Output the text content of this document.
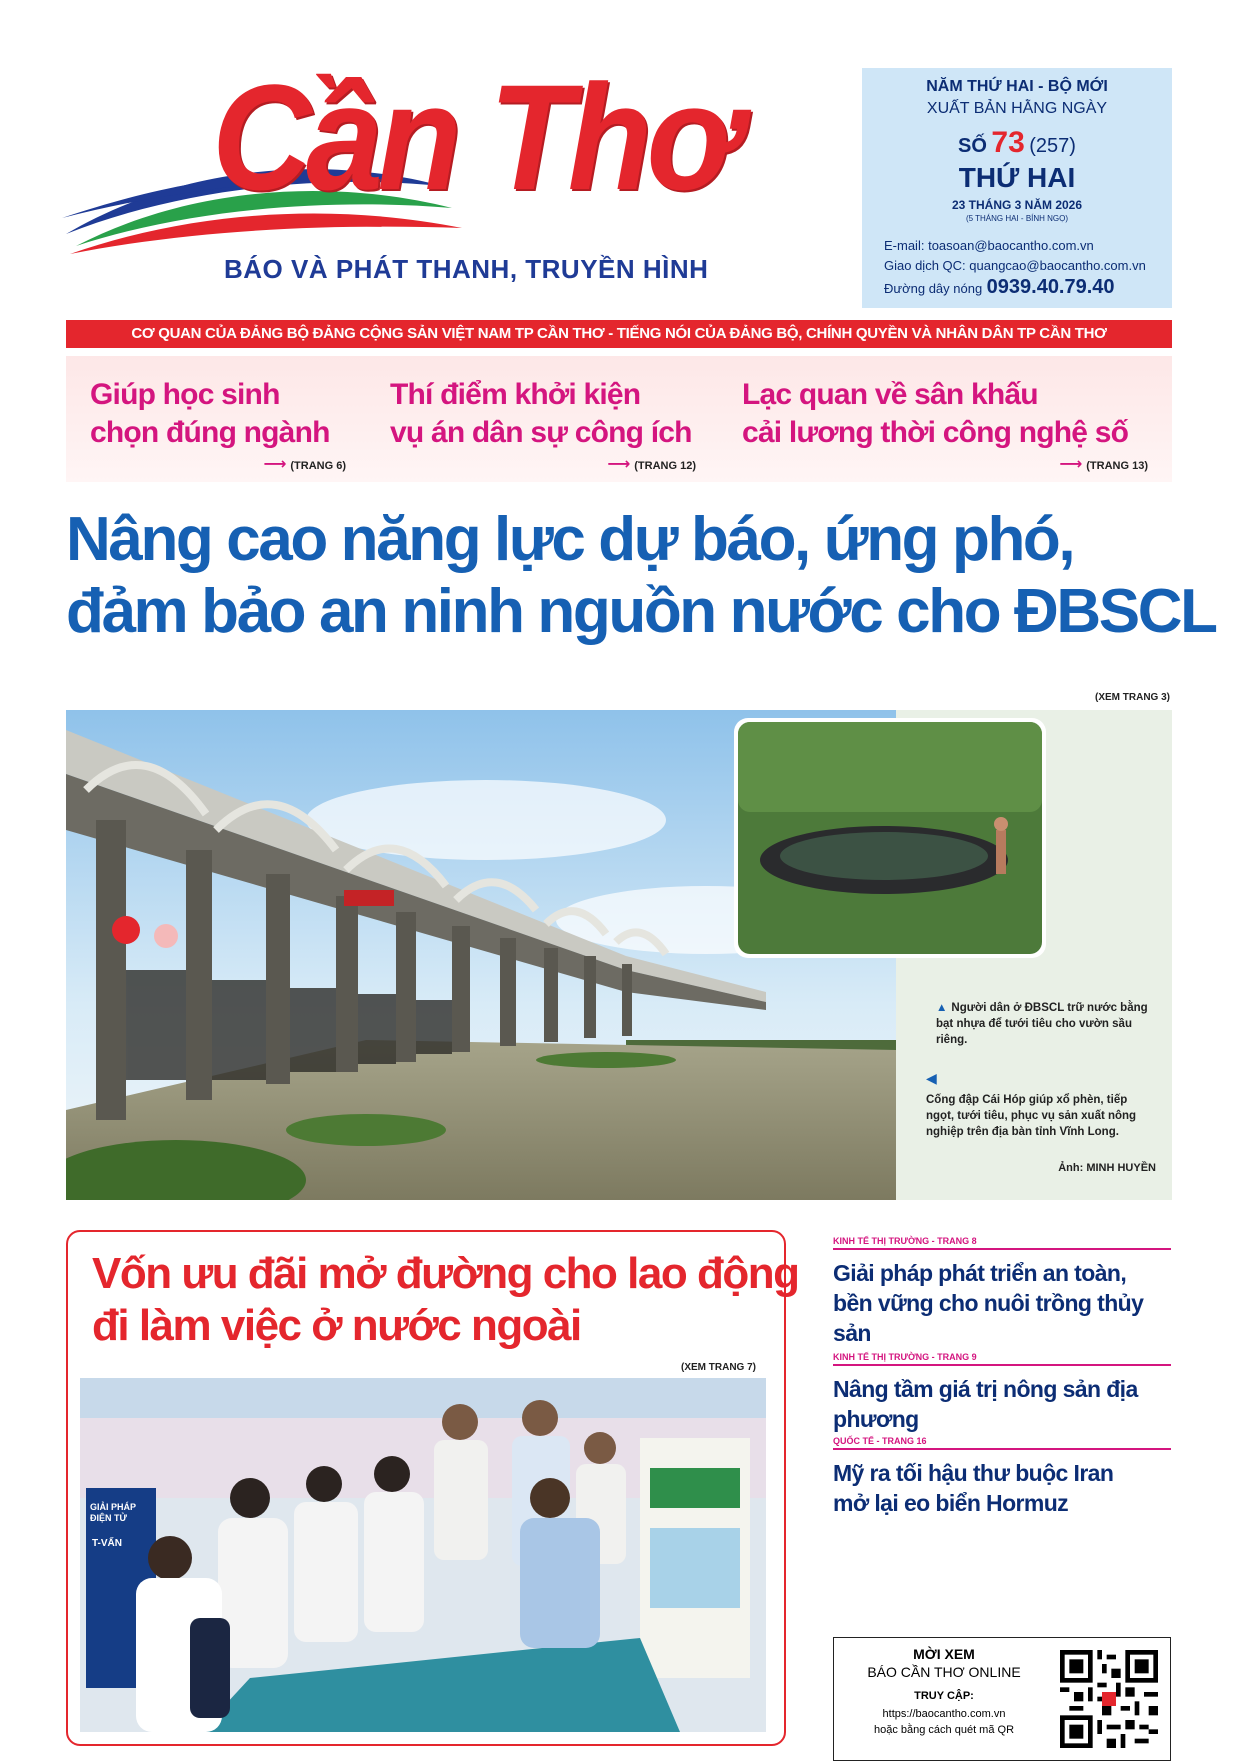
Cần Thơ
BÁO VÀ PHÁT THANH, TRUYỀN HÌNH
NĂM THỨ HAI - BỘ MỚI
XUẤT BẢN HẰNG NGÀY
SỐ 73 (257)
THỨ HAI
23 THÁNG 3 NĂM 2026
(5 THÁNG HAI - BÍNH NGỌ)
E-mail: toasoan@baocantho.com.vn
Giao dịch QC: quangcao@baocantho.com.vn
Đường dây nóng 0939.40.79.40
CƠ QUAN CỦA ĐẢNG BỘ ĐẢNG CỘNG SẢN VIỆT NAM TP CẦN THƠ - TIẾNG NÓI CỦA ĐẢNG BỘ, CHÍNH QUYỀN VÀ NHÂN DÂN TP CẦN THƠ
Giúp học sinh
chọn đúng ngành
⟶ (TRANG 6)
Thí điểm khởi kiện
vụ án dân sự công ích
⟶ (TRANG 12)
Lạc quan về sân khấu
cải lương thời công nghệ số
⟶ (TRANG 13)
Nâng cao năng lực dự báo, ứng phó,
đảm bảo an ninh nguồn nước cho ĐBSCL
(XEM TRANG 3)
▲ Người dân ở ĐBSCL trữ nước bằng bạt nhựa để tưới tiêu cho vườn sầu riêng.
◀
Cống đập Cái Hóp giúp xổ phèn, tiếp ngọt, tưới tiêu, phục vụ sản xuất nông nghiệp trên địa bàn tỉnh Vĩnh Long.
Ảnh: MINH HUYỀN
Vốn ưu đãi mở đường cho lao động
đi làm việc ở nước ngoài
(XEM TRANG 7)
GIẢI PHÁP ĐIỆN TỬ
T-VẤN
KINH TẾ THỊ TRƯỜNG - TRANG 8
Giải pháp phát triển an toàn,
bền vững cho nuôi trồng thủy sản
KINH TẾ THỊ TRƯỜNG - TRANG 9
Nâng tầm giá trị nông sản địa phương
QUỐC TẾ - TRANG 16
Mỹ ra tối hậu thư buộc Iran
mở lại eo biển Hormuz
MỜI XEM
BÁO CẦN THƠ ONLINE
TRUY CẬP:
https://baocantho.com.vn
hoặc bằng cách quét mã QR
